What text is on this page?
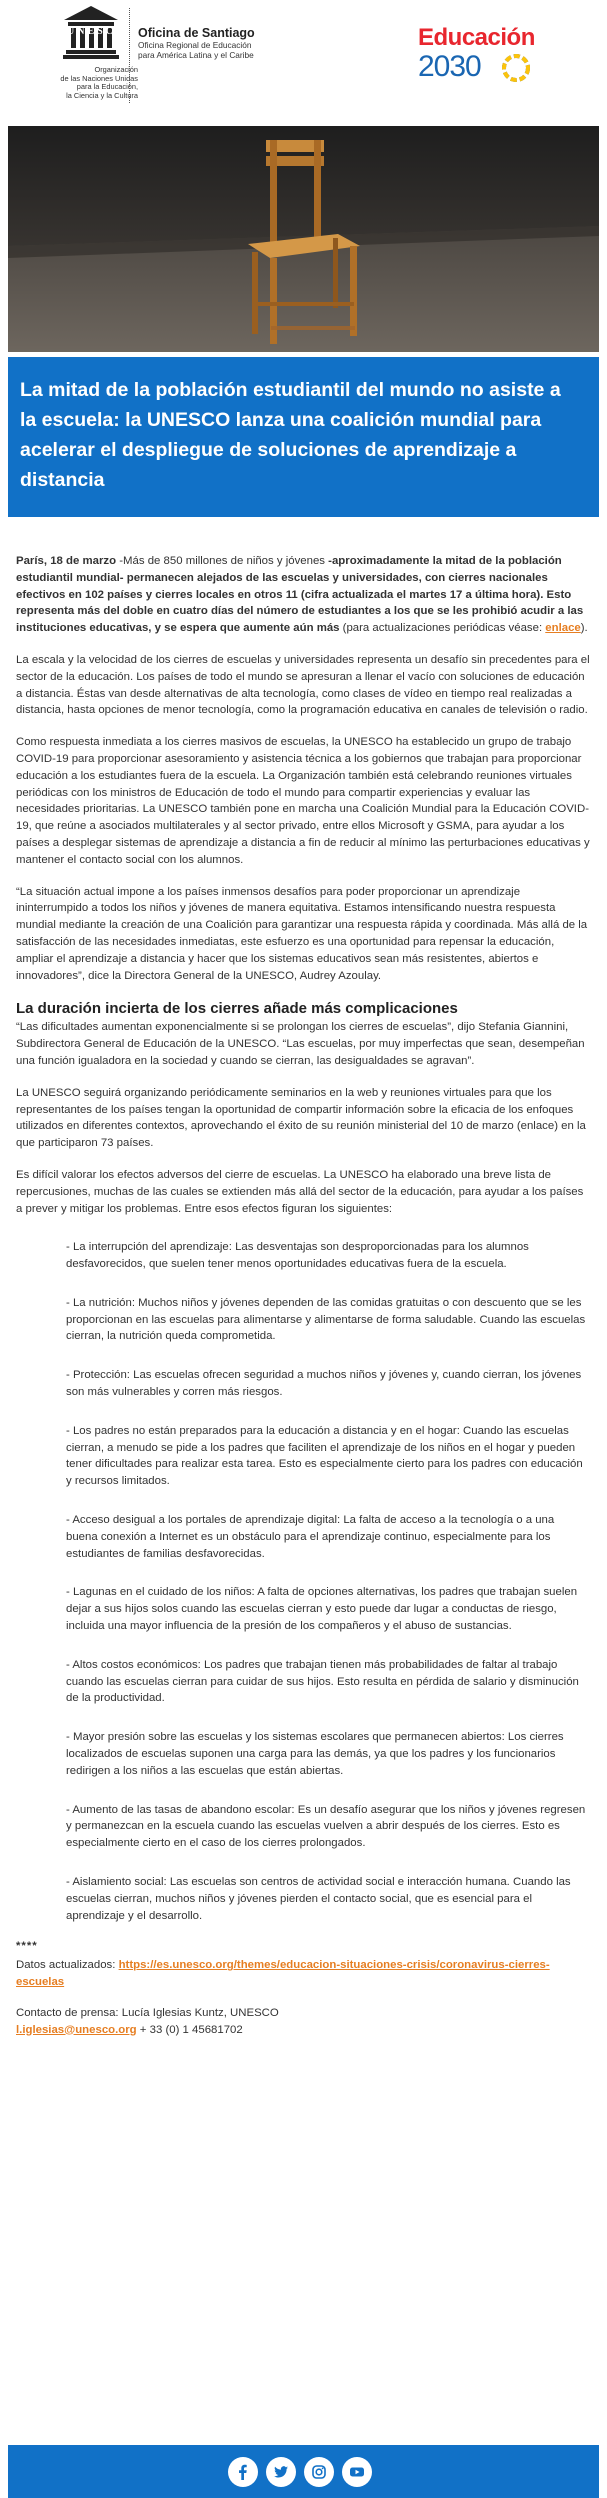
UNESCO
Organización
de las Naciones Unidas
para la Educación,
la Ciencia y la Cultura
Oficina de Santiago
Oficina Regional de Educación
para América Latina y el Caribe
Educación
2030
La mitad de la población estudiantil del mundo no asiste a la escuela: la UNESCO lanza una coalición mundial para acelerar el despliegue de soluciones de aprendizaje a distancia

París, 18 de marzo -Más de 850 millones de niños y jóvenes -aproximadamente la mitad de la población estudiantil mundial- permanecen alejados de las escuelas y universidades, con cierres nacionales efectivos en 102 países y cierres locales en otros 11 (cifra actualizada el martes 17 a última hora). Esto representa más del doble en cuatro días del número de estudiantes a los que se les prohibió acudir a las instituciones educativas, y se espera que aumente aún más (para actualizaciones periódicas véase: enlace).

La escala y la velocidad de los cierres de escuelas y universidades representa un desafío sin precedentes para el sector de la educación. Los países de todo el mundo se apresuran a llenar el vacío con soluciones de educación a distancia. Éstas van desde alternativas de alta tecnología, como clases de vídeo en tiempo real realizadas a distancia, hasta opciones de menor tecnología, como la programación educativa en canales de televisión o radio.

Como respuesta inmediata a los cierres masivos de escuelas, la UNESCO ha establecido un grupo de trabajo COVID-19 para proporcionar asesoramiento y asistencia técnica a los gobiernos que trabajan para proporcionar educación a los estudiantes fuera de la escuela. La Organización también está celebrando reuniones virtuales periódicas con los ministros de Educación de todo el mundo para compartir experiencias y evaluar las necesidades prioritarias. La UNESCO también pone en marcha una Coalición Mundial para la Educación COVID-19, que reúne a asociados multilaterales y al sector privado, entre ellos Microsoft y GSMA, para ayudar a los países a desplegar sistemas de aprendizaje a distancia a fin de reducir al mínimo las perturbaciones educativas y mantener el contacto social con los alumnos.

“La situación actual impone a los países inmensos desafíos para poder proporcionar un aprendizaje ininterrumpido a todos los niños y jóvenes de manera equitativa. Estamos intensificando nuestra respuesta mundial mediante la creación de una Coalición para garantizar una respuesta rápida y coordinada. Más allá de la satisfacción de las necesidades inmediatas, este esfuerzo es una oportunidad para repensar la educación, ampliar el aprendizaje a distancia y hacer que los sistemas educativos sean más resistentes, abiertos e innovadores”, dice la Directora General de la UNESCO, Audrey Azoulay.

La duración incierta de los cierres añade más complicaciones

“Las dificultades aumentan exponencialmente si se prolongan los cierres de escuelas”, dijo Stefania Giannini, Subdirectora General de Educación de la UNESCO. “Las escuelas, por muy imperfectas que sean, desempeñan una función igualadora en la sociedad y cuando se cierran, las desigualdades se agravan”.

La UNESCO seguirá organizando periódicamente seminarios en la web y reuniones virtuales para que los representantes de los países tengan la oportunidad de compartir información sobre la eficacia de los enfoques utilizados en diferentes contextos, aprovechando el éxito de su reunión ministerial del 10 de marzo (enlace) en la que participaron 73 países.

Es difícil valorar los efectos adversos del cierre de escuelas. La UNESCO ha elaborado una breve lista de repercusiones, muchas de las cuales se extienden más allá del sector de la educación, para ayudar a los países a prever y mitigar los problemas. Entre esos efectos figuran los siguientes:

- La interrupción del aprendizaje: Las desventajas son desproporcionadas para los alumnos desfavorecidos, que suelen tener menos oportunidades educativas fuera de la escuela.

- La nutrición: Muchos niños y jóvenes dependen de las comidas gratuitas o con descuento que se les proporcionan en las escuelas para alimentarse y alimentarse de forma saludable. Cuando las escuelas cierran, la nutrición queda comprometida.

- Protección: Las escuelas ofrecen seguridad a muchos niños y jóvenes y, cuando cierran, los jóvenes son más vulnerables y corren más riesgos.

- Los padres no están preparados para la educación a distancia y en el hogar: Cuando las escuelas cierran, a menudo se pide a los padres que faciliten el aprendizaje de los niños en el hogar y pueden tener dificultades para realizar esta tarea. Esto es especialmente cierto para los padres con educación y recursos limitados.

- Acceso desigual a los portales de aprendizaje digital: La falta de acceso a la tecnología o a una buena conexión a Internet es un obstáculo para el aprendizaje continuo, especialmente para los estudiantes de familias desfavorecidas.

- Lagunas en el cuidado de los niños: A falta de opciones alternativas, los padres que trabajan suelen dejar a sus hijos solos cuando las escuelas cierran y esto puede dar lugar a conductas de riesgo, incluida una mayor influencia de la presión de los compañeros y el abuso de sustancias.

- Altos costos económicos: Los padres que trabajan tienen más probabilidades de faltar al trabajo cuando las escuelas cierran para cuidar de sus hijos. Esto resulta en pérdida de salario y disminución de la productividad.

- Mayor presión sobre las escuelas y los sistemas escolares que permanecen abiertos: Los cierres localizados de escuelas suponen una carga para las demás, ya que los padres y los funcionarios redirigen a los niños a las escuelas que están abiertas.

- Aumento de las tasas de abandono escolar: Es un desafío asegurar que los niños y jóvenes regresen y permanezcan en la escuela cuando las escuelas vuelven a abrir después de los cierres. Esto es especialmente cierto en el caso de los cierres prolongados.

- Aislamiento social: Las escuelas son centros de actividad social e interacción humana. Cuando las escuelas cierran, muchos niños y jóvenes pierden el contacto social, que es esencial para el aprendizaje y el desarrollo.

****

Datos actualizados: https://es.unesco.org/themes/educacion-situaciones-crisis/coronavirus-cierres-escuelas

Contacto de prensa: Lucía Iglesias Kuntz, UNESCO
l.iglesias@unesco.org + 33 (0) 1 45681702
